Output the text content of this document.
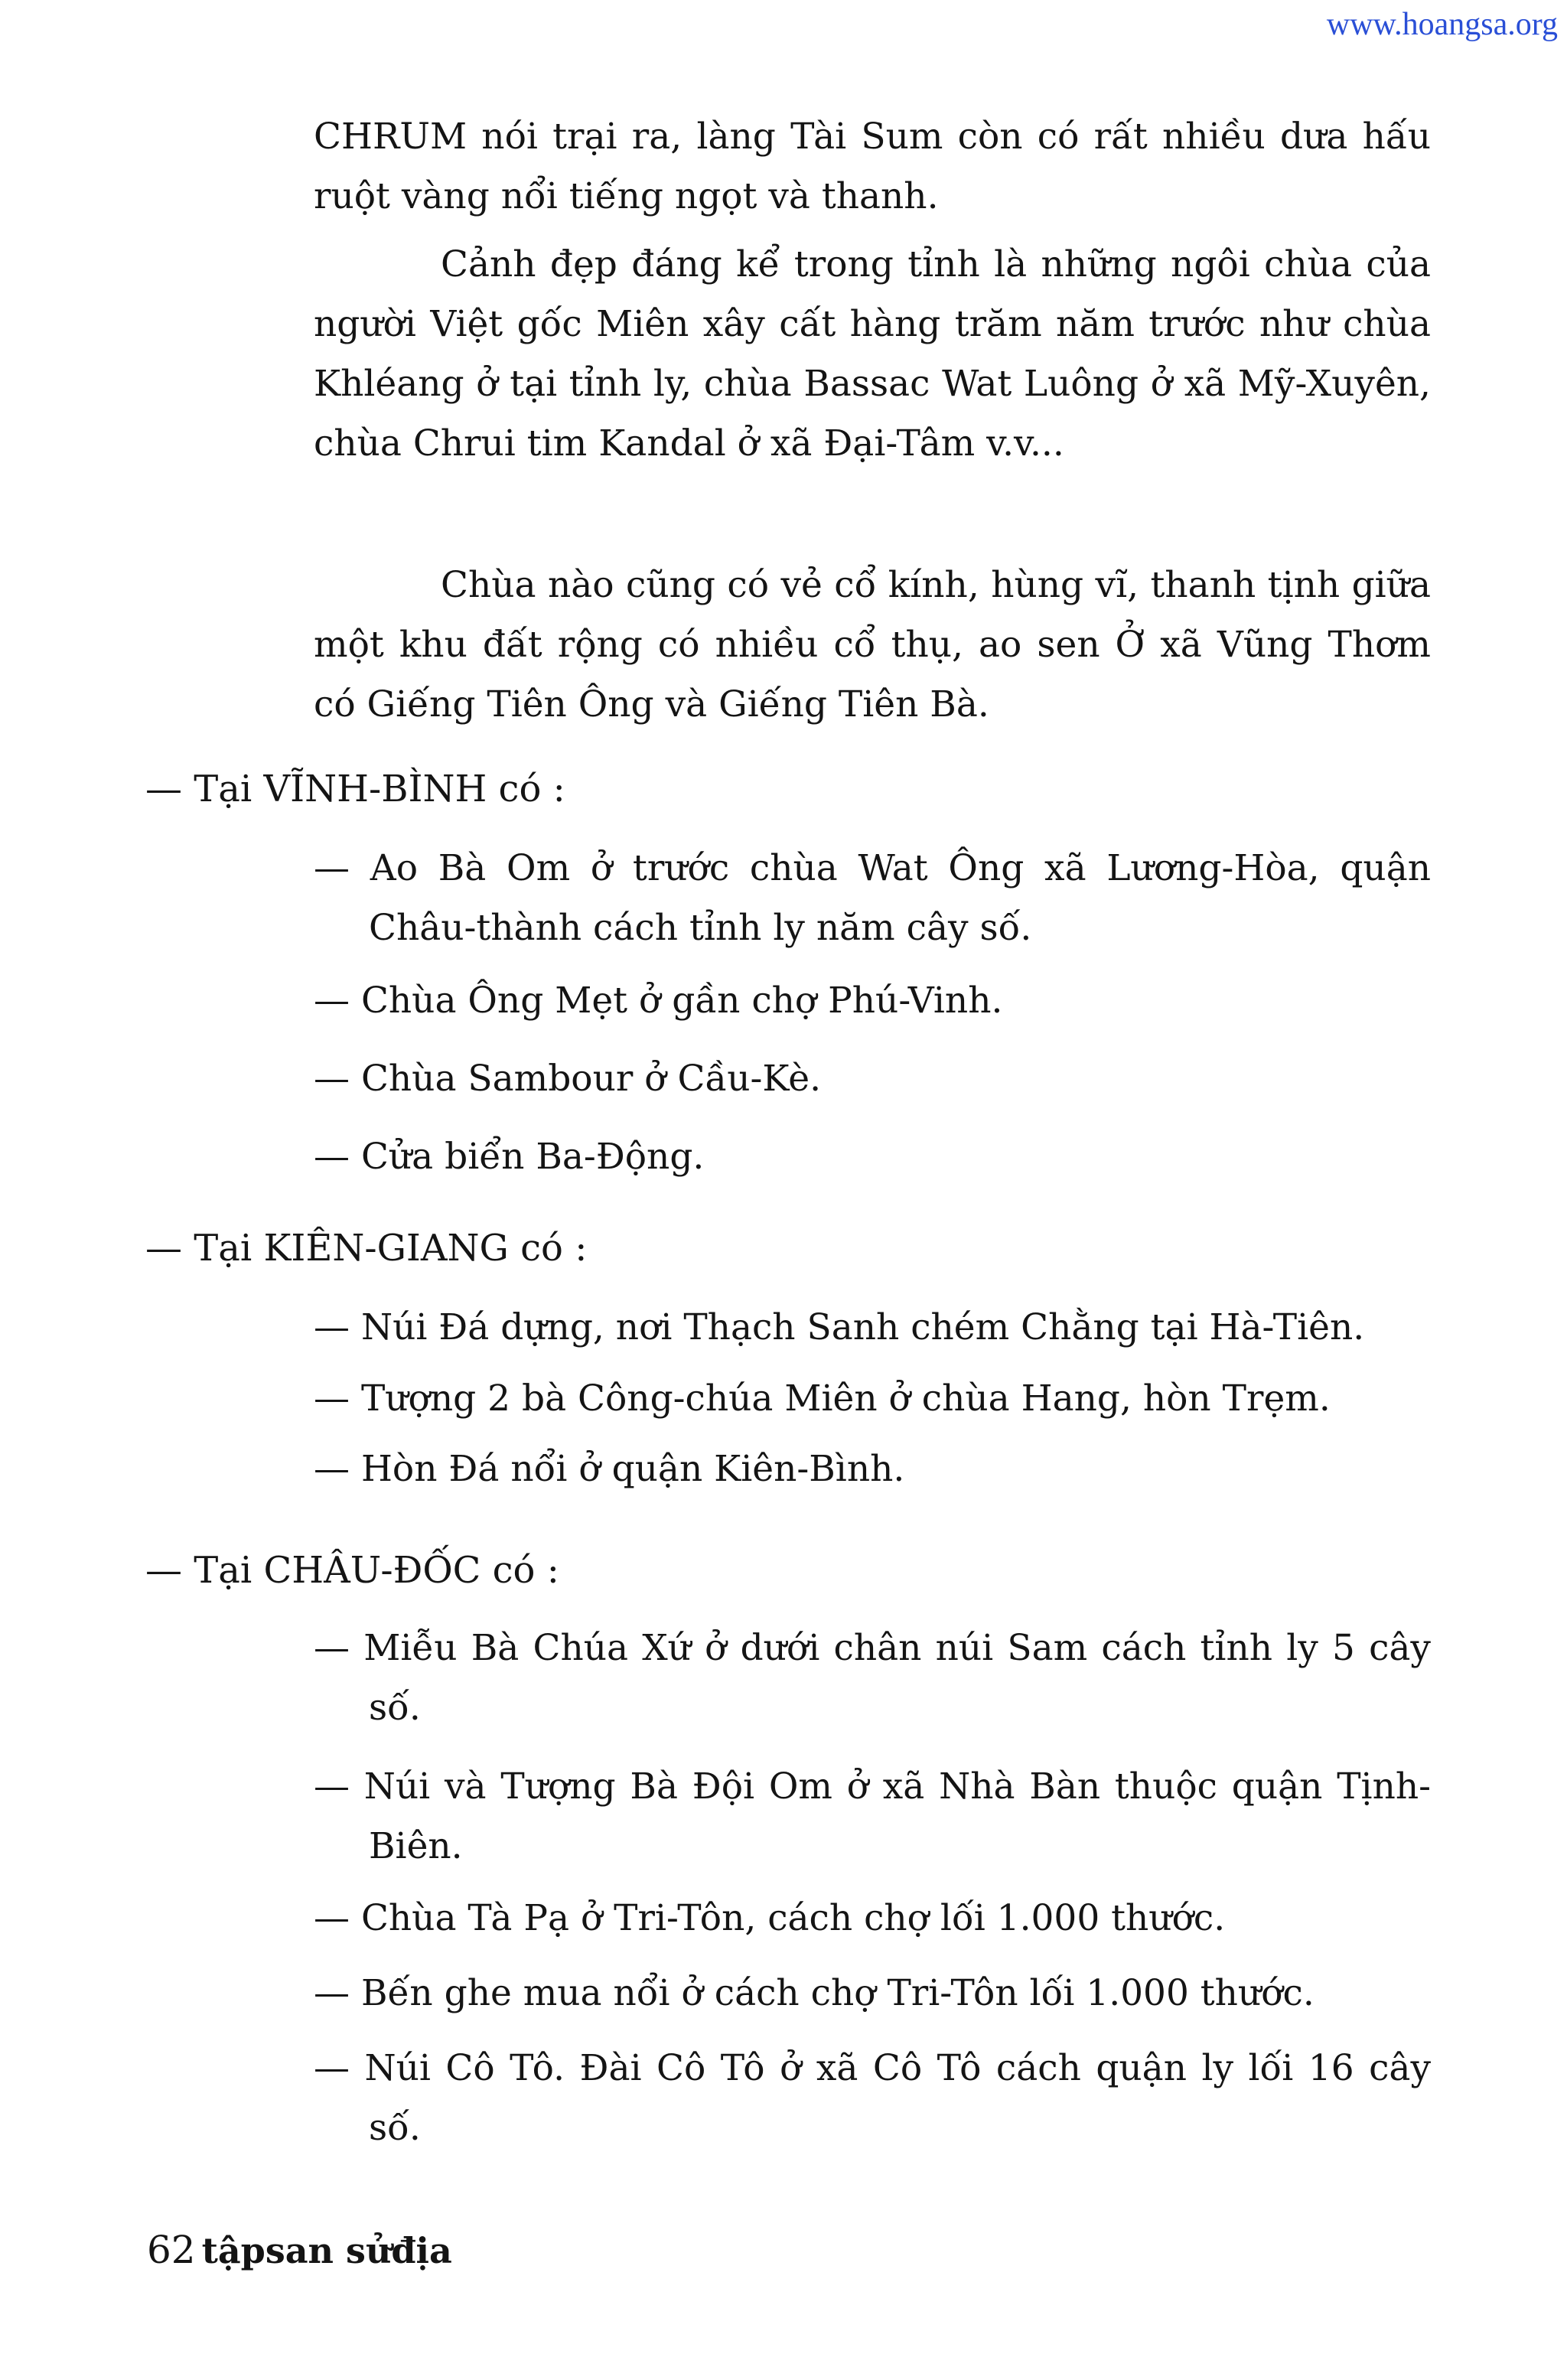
www.hoangsa.org
CHRUM nói trại ra, làng Tài Sum còn có rất nhiều dưa hấu ruột vàng nổi tiếng ngọt và thanh.
Cảnh đẹp đáng kể trong tỉnh là những ngôi chùa của người Việt gốc Miên xây cất hàng trăm năm trước như chùa Khléang ở tại tỉnh ly, chùa Bassac Wat Luông ở xã Mỹ-Xuyên, chùa Chrui tim Kandal ở xã Đại-Tâm v.v...
Chùa nào cũng có vẻ cổ kính, hùng vĩ, thanh tịnh giữa một khu đất rộng có nhiều cổ thụ, ao sen Ở xã Vũng Thơm có Giếng Tiên Ông và Giếng Tiên Bà.
— Tại VĨNH-BÌNH có :
— Ao Bà Om ở trước chùa Wat Ông xã Lương-Hòa, quận Châu-thành cách tỉnh ly năm cây số.
— Chùa Ông Mẹt ở gần chợ Phú-Vinh.
— Chùa Sambour ở Cầu-Kè.
— Cửa biển Ba-Động.
— Tại KIÊN-GIANG có :
— Núi Đá dựng, nơi Thạch Sanh chém Chằng tại Hà-Tiên.
— Tượng 2 bà Công-chúa Miên ở chùa Hang, hòn Trẹm.
— Hòn Đá nổi ở quận Kiên-Bình.
— Tại CHÂU-ĐỐC có :
— Miễu Bà Chúa Xứ ở dưới chân núi Sam cách tỉnh ly 5 cây số.
— Núi và Tượng Bà Đội Om ở xã Nhà Bàn thuộc quận Tịnh-Biên.
— Chùa Tà Pạ ở Tri-Tôn, cách chợ lối 1.000 thước.
— Bến ghe mua nổi ở cách chợ Tri-Tôn lối 1.000 thước.
— Núi Cô Tô. Đài Cô Tô ở xã Cô Tô cách quận ly lối 16 cây số.
62 tậpsan sửđịa
